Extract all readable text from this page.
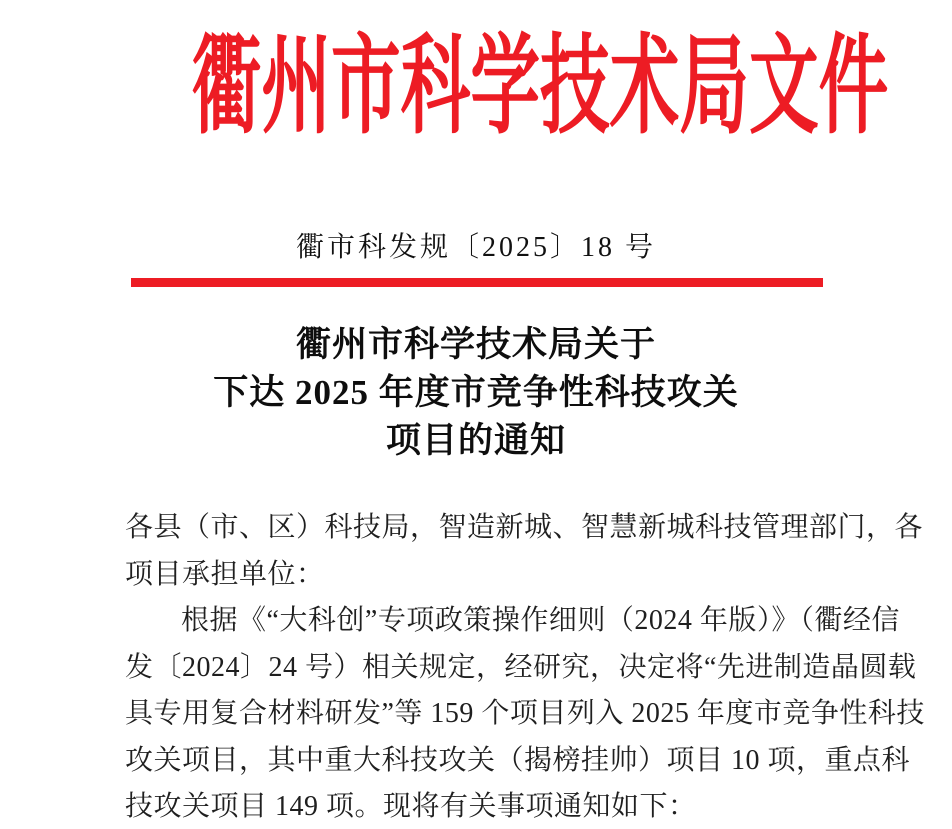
衢州市科学技术局文件
衢市科发规〔2025〕18 号
衢州市科学技术局关于
下达 2025 年度市竞争性科技攻关
项目的通知
各县（市、区）科技局，智造新城、智慧新城科技管理部门，各
项目承担单位：
根据《“大科创”专项政策操作细则（2024 年版）》（衢经信
发〔2024〕24 号）相关规定，经研究，决定将“先进制造晶圆载
具专用复合材料研发”等 159 个项目列入 2025 年度市竞争性科技
攻关项目，其中重大科技攻关（揭榜挂帅）项目 10 项，重点科
技攻关项目 149 项。现将有关事项通知如下：
